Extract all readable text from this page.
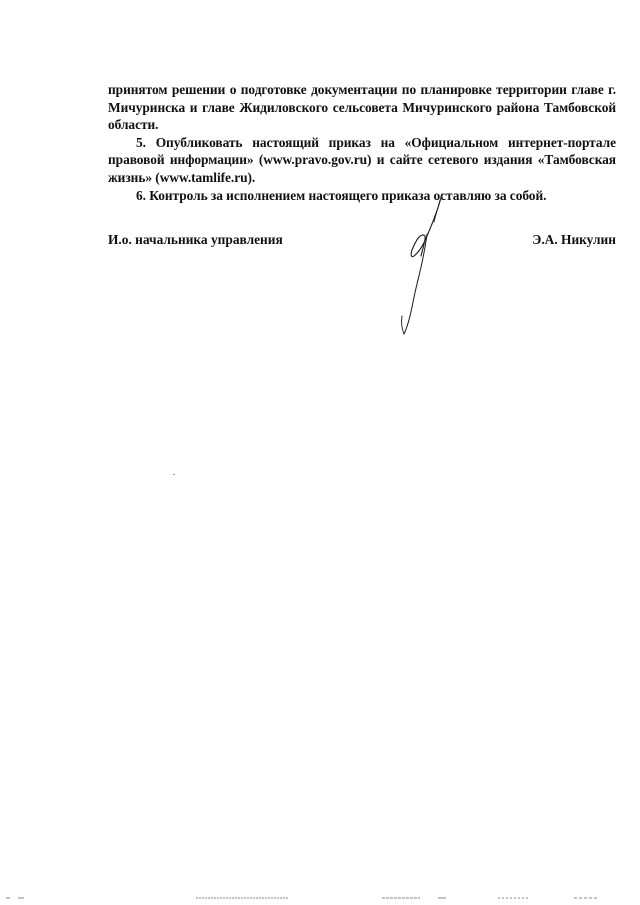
принятом решении о подготовке документации по планировке территории главе г. Мичуринска и главе Жидиловского сельсовета Мичуринского района Тамбовской области.

5. Опубликовать настоящий приказ на «Официальном интернет-портале правовой информации» (www.pravo.gov.ru) и сайте сетевого издания «Тамбовская жизнь» (www.tamlife.ru).

6. Контроль за исполнением настоящего приказа оставляю за собой.

И.о. начальника управления	Э.А. Никулин
